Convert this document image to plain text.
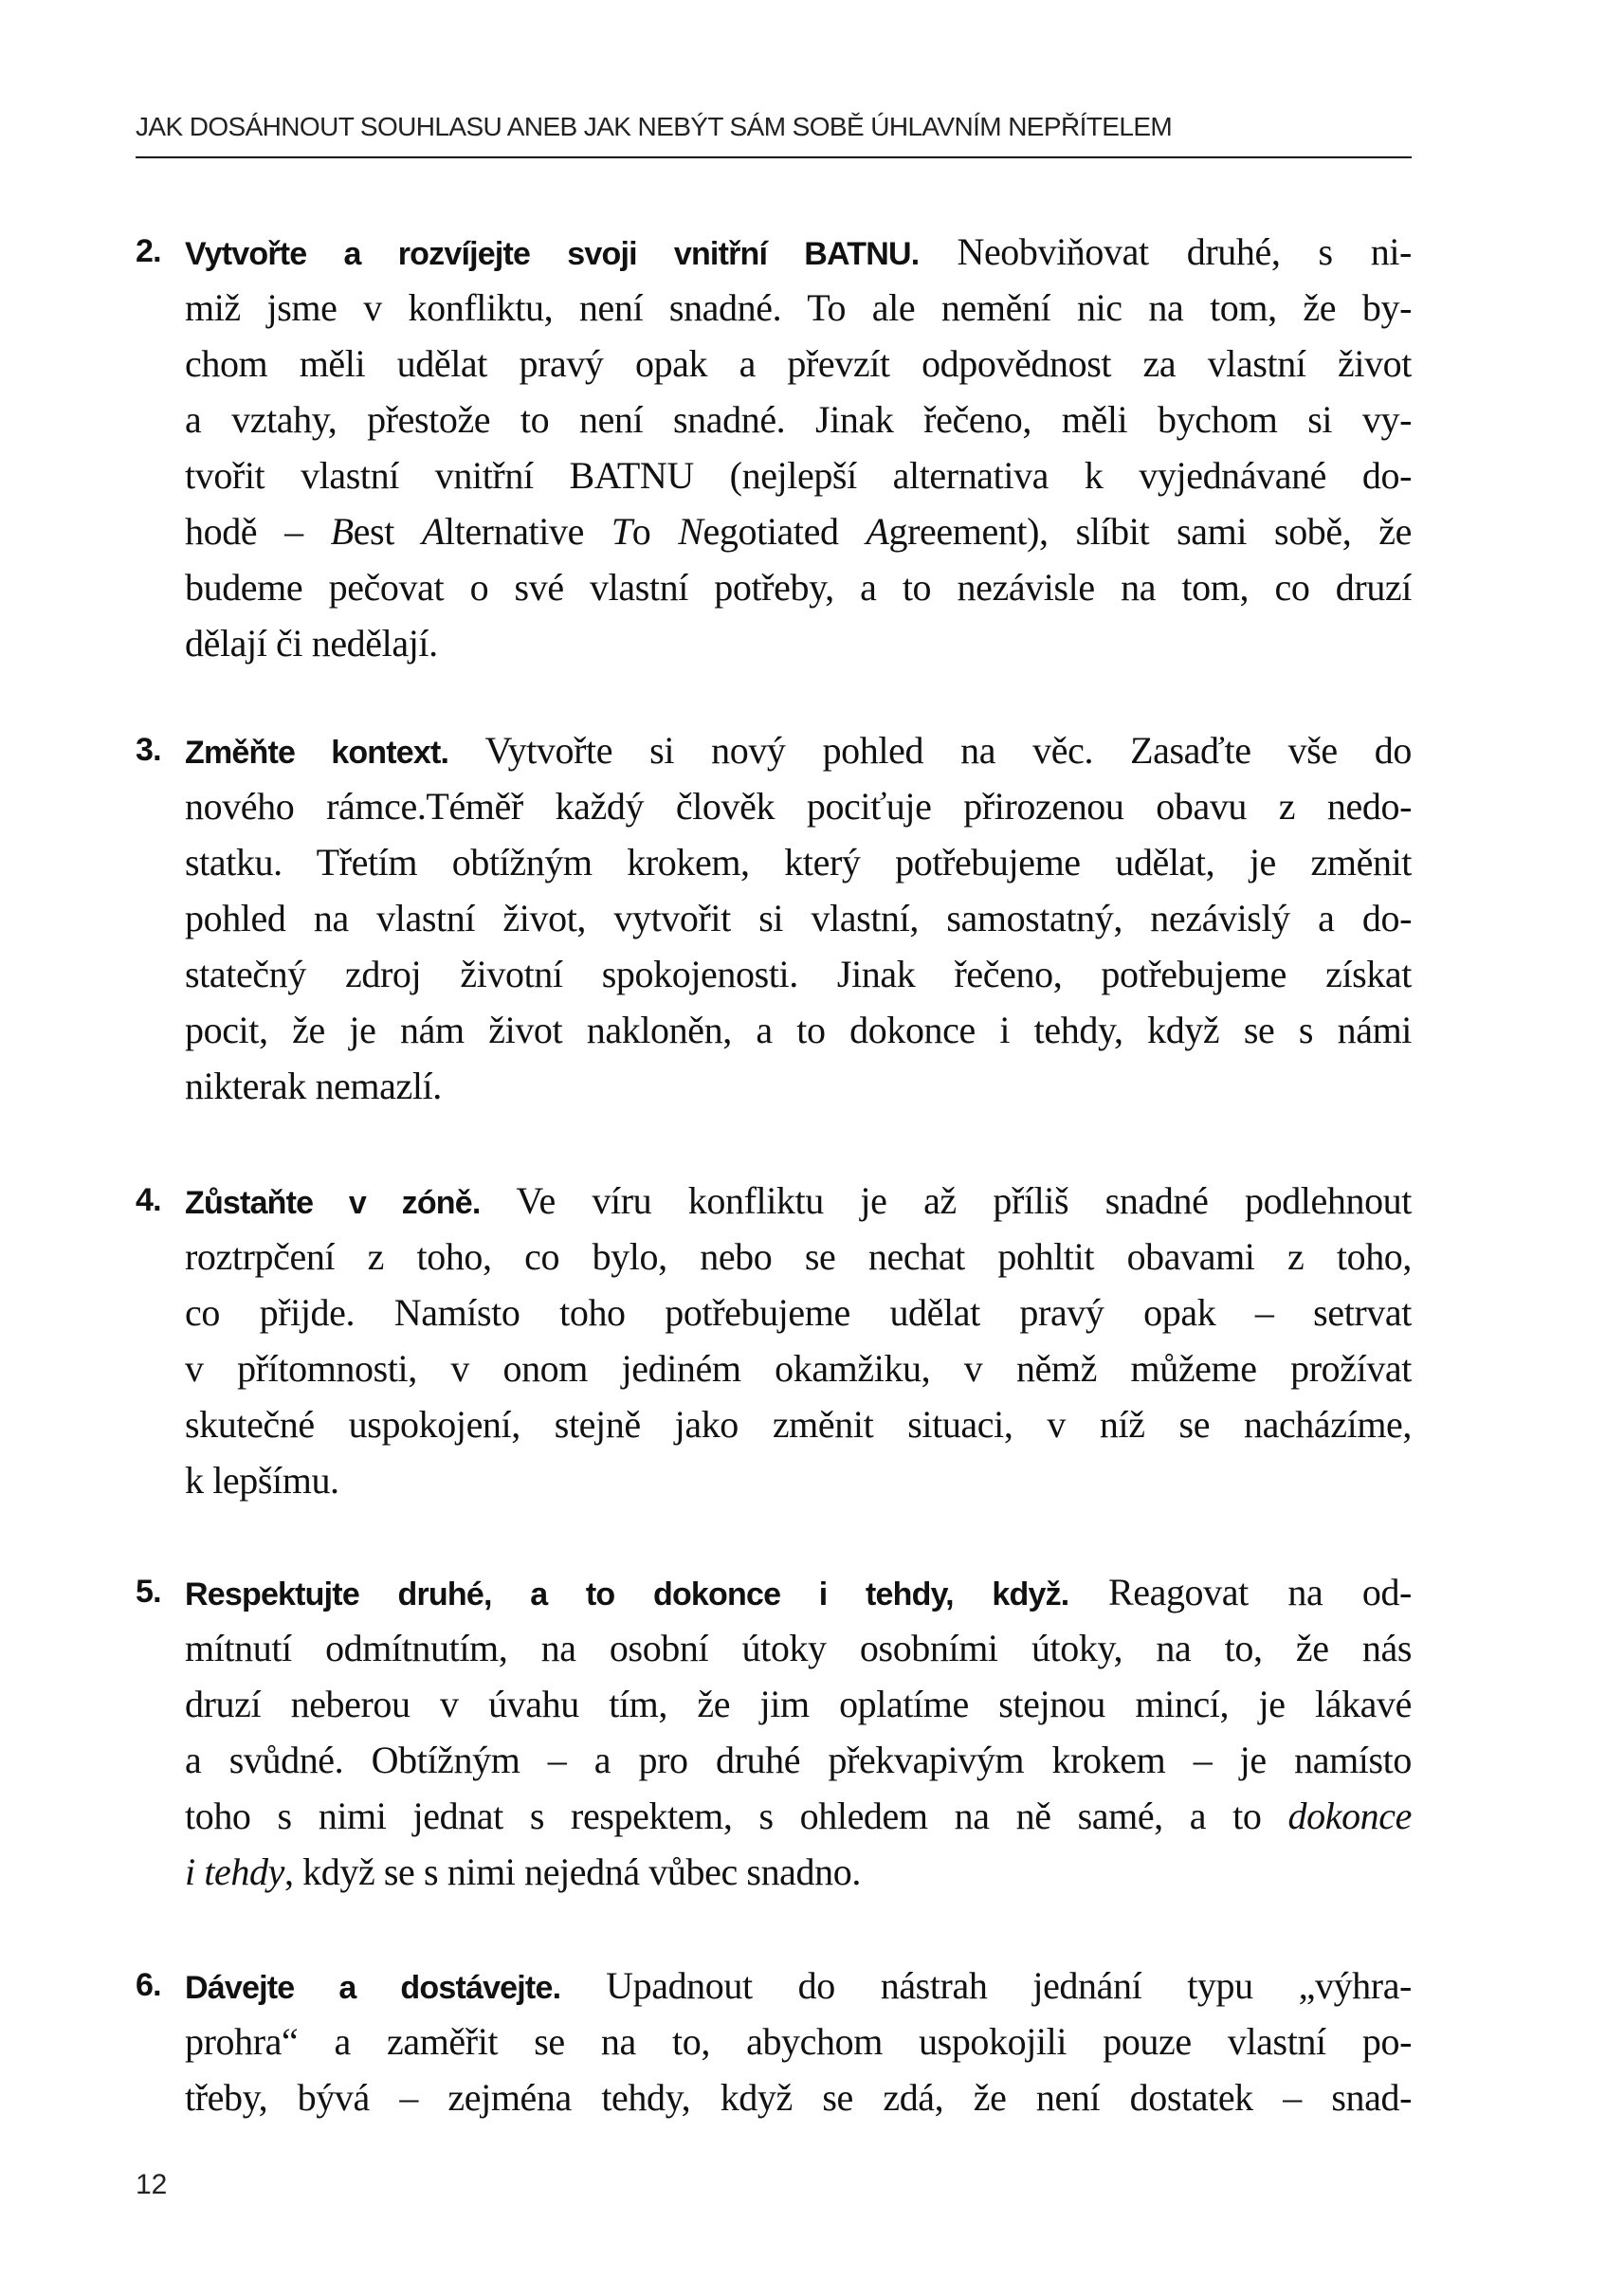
JAK DOSÁHNOUT SOUHLASU ANEB JAK NEBÝT SÁM SOBĚ ÚHLAVNÍM NEPŘÍTELEM
2. Vytvořte a rozvíjejte svoji vnitřní BATNU. Neobviňovat druhé, s ni-
miž jsme v konfliktu, není snadné. To ale nemění nic na tom, že by-
chom měli udělat pravý opak a převzít odpovědnost za vlastní život
a vztahy, přestože to není snadné. Jinak řečeno, měli bychom si vy-
tvořit vlastní vnitřní BATNU (nejlepší alternativa k vyjednávané do-
hodě – Best Alternative To Negotiated Agreement), slíbit sami sobě, že
budeme pečovat o své vlastní potřeby, a to nezávisle na tom, co druzí
dělají či nedělají.
3. Změňte kontext. Vytvořte si nový pohled na věc. Zasaďte vše do
nového rámce.Téměř každý člověk pociťuje přirozenou obavu z nedo-
statku. Třetím obtížným krokem, který potřebujeme udělat, je změnit
pohled na vlastní život, vytvořit si vlastní, samostatný, nezávislý a do-
statečný zdroj životní spokojenosti. Jinak řečeno, potřebujeme získat
pocit, že je nám život nakloněn, a to dokonce i tehdy, když se s námi
nikterak nemazlí.
4. Zůstaňte v zóně. Ve víru konfliktu je až příliš snadné podlehnout
roztrpčení z toho, co bylo, nebo se nechat pohltit obavami z toho,
co přijde. Namísto toho potřebujeme udělat pravý opak – setrvat
v přítomnosti, v onom jediném okamžiku, v němž můžeme prožívat
skutečné uspokojení, stejně jako změnit situaci, v níž se nacházíme,
k lepšímu.
5. Respektujte druhé, a to dokonce i tehdy, když. Reagovat na od-
mítnutí odmítnutím, na osobní útoky osobními útoky, na to, že nás
druzí neberou v úvahu tím, že jim oplatíme stejnou mincí, je lákavé
a svůdné. Obtížným – a pro druhé překvapivým krokem – je namísto
toho s nimi jednat s respektem, s ohledem na ně samé, a to dokonce
i tehdy, když se s nimi nejedná vůbec snadno.
6. Dávejte a dostávejte. Upadnout do nástrah jednání typu „výhra-
prohra“ a zaměřit se na to, abychom uspokojili pouze vlastní po-
třeby, bývá – zejména tehdy, když se zdá, že není dostatek – snad-
12
